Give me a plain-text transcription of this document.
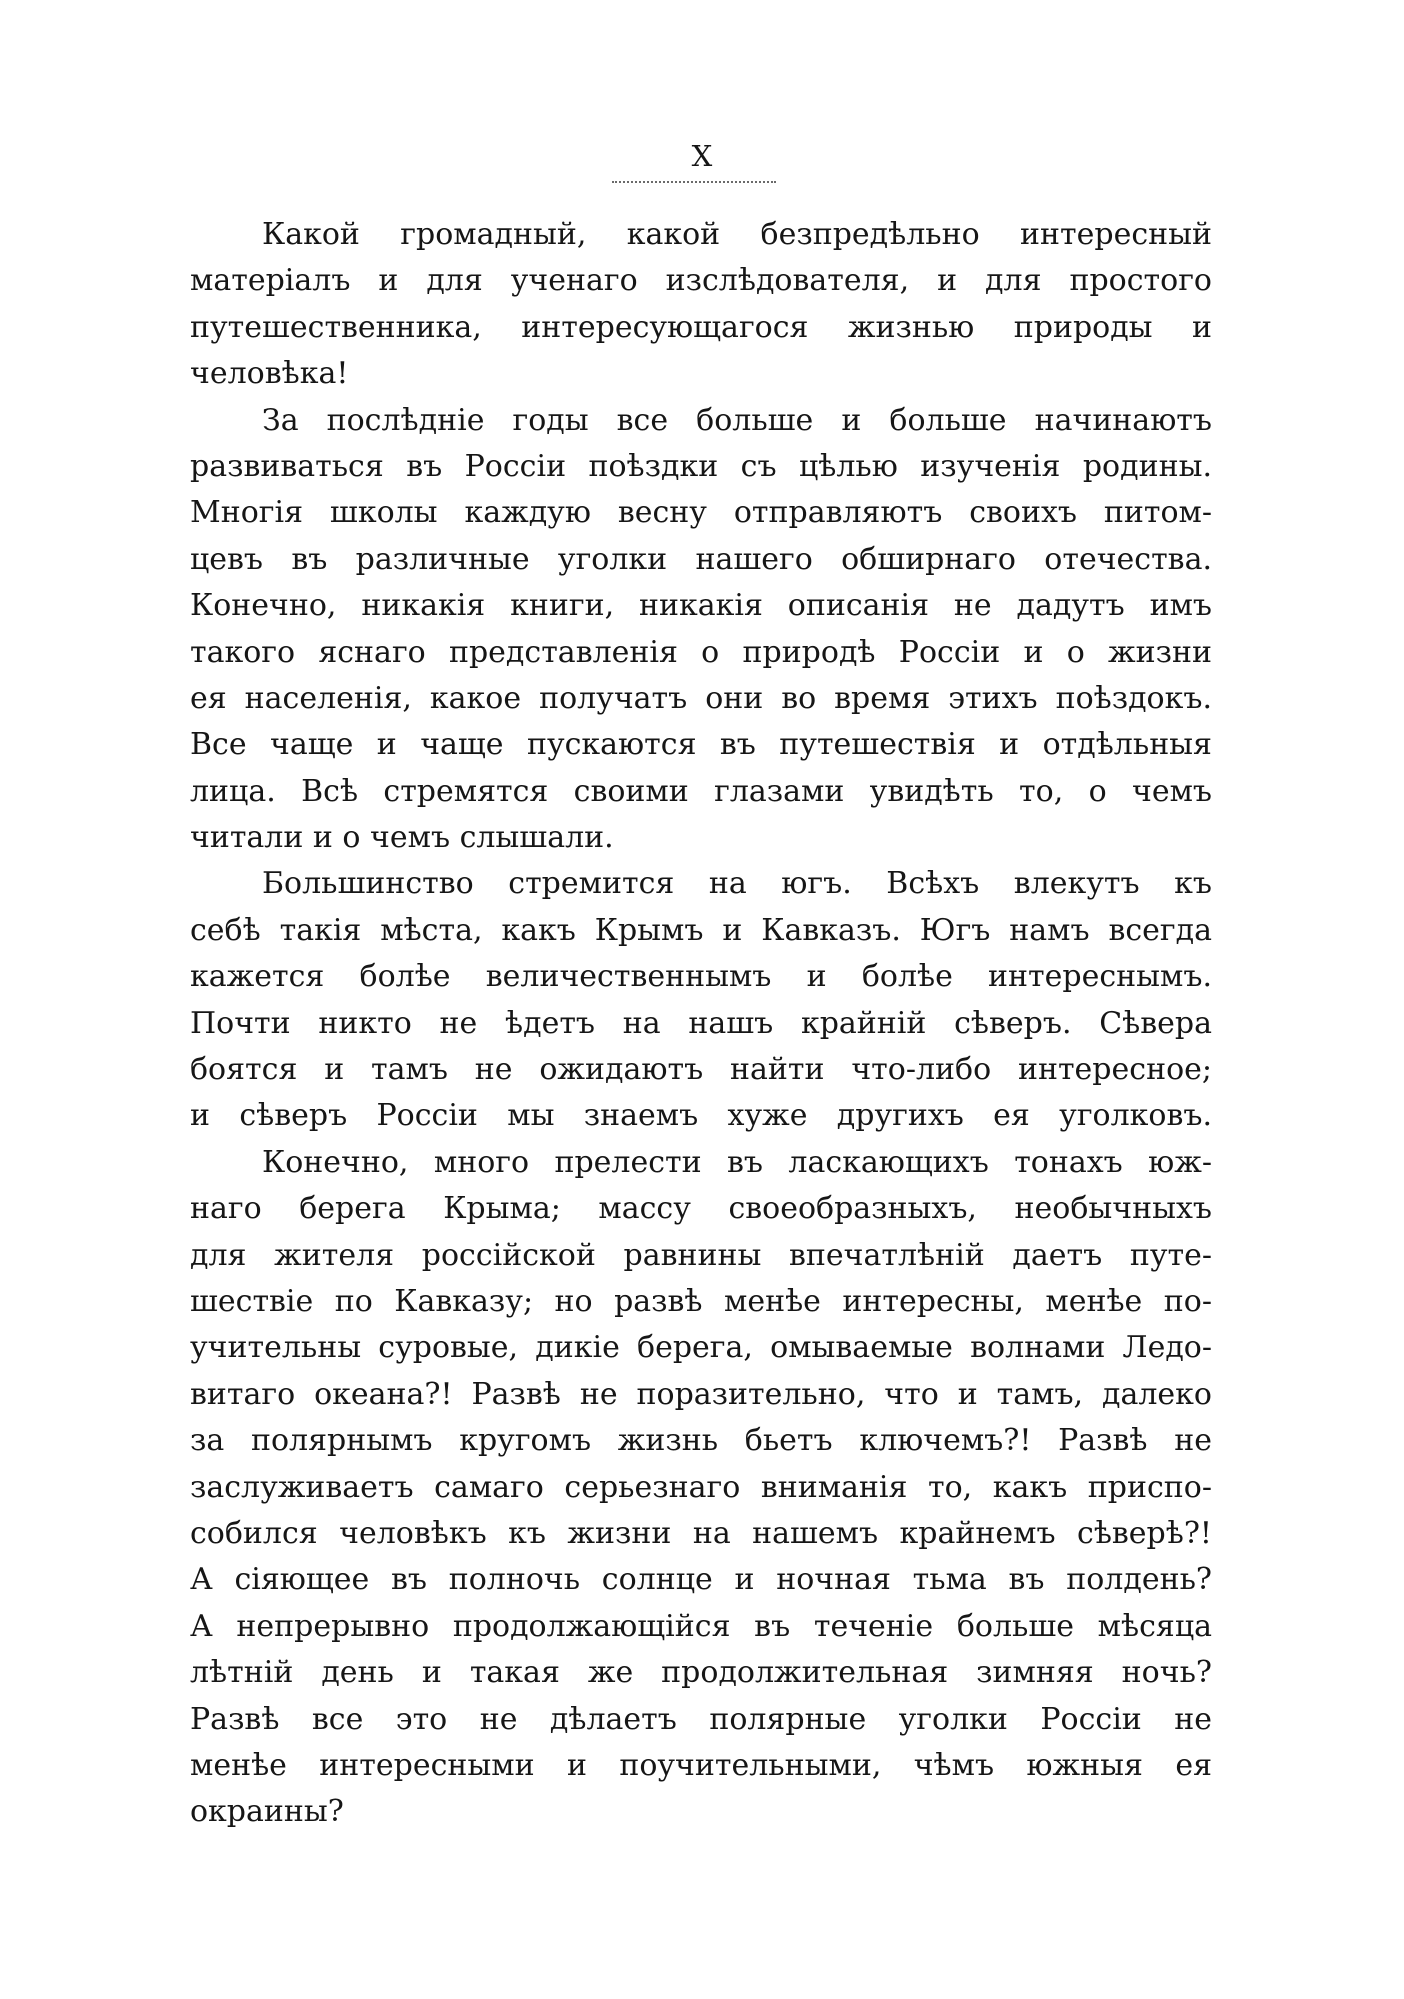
X
Какой громадный, какой безпредѣльно интересный
матеріалъ и для ученаго изслѣдователя, и для простого
путешественника, интересующагося жизнью природы и
человѣка!
За послѣдніе годы все больше и больше начинаютъ
развиваться въ Россіи поѣздки съ цѣлью изученія родины.
Многія школы каждую весну отправляютъ своихъ питом-
цевъ въ различные уголки нашего обширнаго отечества.
Конечно, никакія книги, никакія описанія не дадутъ имъ
такого яснаго представленія о природѣ Россіи и о жизни
ея населенія, какое получатъ они во время этихъ поѣздокъ.
Все чаще и чаще пускаются въ путешествія и отдѣльныя
лица. Всѣ стремятся своими глазами увидѣть то, о чемъ
читали и о чемъ слышали.
Большинство стремится на югъ. Всѣхъ влекутъ къ
себѣ такія мѣста, какъ Крымъ и Кавказъ. Югъ намъ всегда
кажется болѣе величественнымъ и болѣе интереснымъ.
Почти никто не ѣдетъ на нашъ крайній сѣверъ. Сѣвера
боятся и тамъ не ожидаютъ найти что-либо интересное;
и сѣверъ Россіи мы знаемъ хуже другихъ ея уголковъ.
Конечно, много прелести въ ласкающихъ тонахъ юж-
наго берега Крыма; массу своеобразныхъ, необычныхъ
для жителя россійской равнины впечатлѣній даетъ путе-
шествіе по Кавказу; но развѣ менѣе интересны, менѣе по-
учительны суровые, дикіе берега, омываемые волнами Ледо-
витаго океана?! Развѣ не поразительно, что и тамъ, далеко
за полярнымъ кругомъ жизнь бьетъ ключемъ?! Развѣ не
заслуживаетъ самаго серьезнаго вниманія то, какъ приспо-
собился человѣкъ къ жизни на нашемъ крайнемъ сѣверѣ?!
А сіяющее въ полночь солнце и ночная тьма въ полдень?
А непрерывно продолжающійся въ теченіе больше мѣсяца
лѣтній день и такая же продолжительная зимняя ночь?
Развѣ все это не дѣлаетъ полярные уголки Россіи не
менѣе интересными и поучительными, чѣмъ южныя ея
окраины?
